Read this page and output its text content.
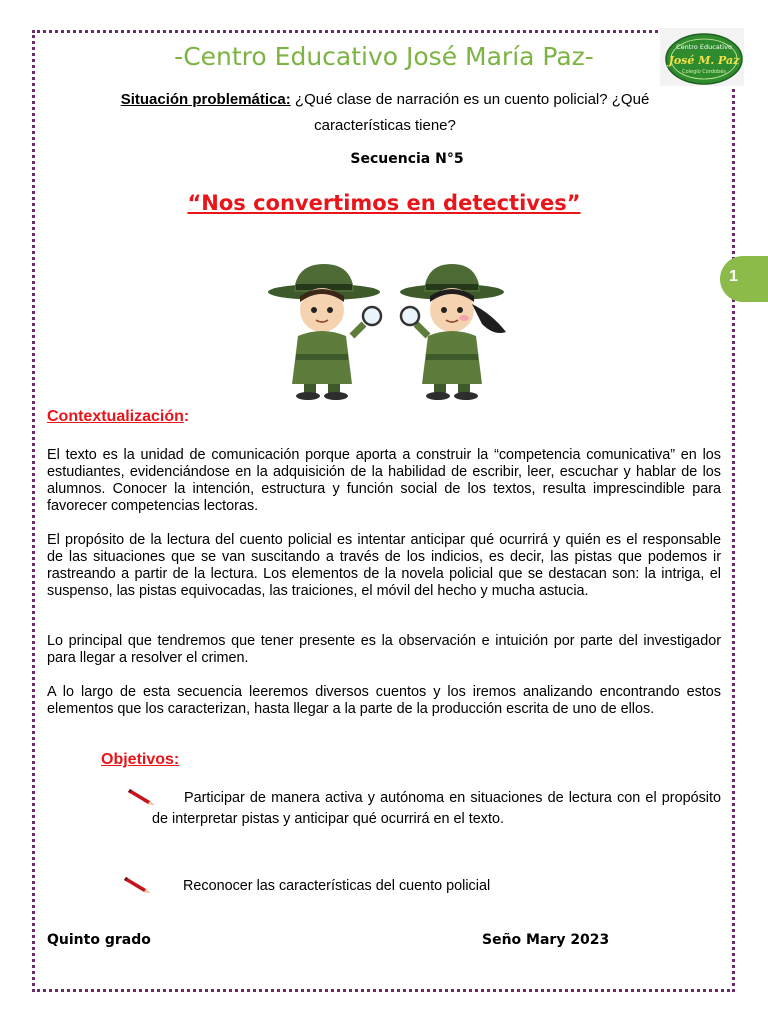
-Centro Educativo José María Paz-	Centro Educativo
José M. Paz
Colegio Cordobés
Situación problemática: ¿Qué clase de narración es un cuento policial? ¿Qué características tiene?
Secuencia N°5
“Nos convertimos en detectives”
1
Contextualización:
El texto es la unidad de comunicación porque aporta a construir la “competencia comunicativa” en los estudiantes, evidenciándose en la adquisición de la habilidad de escribir, leer, escuchar y hablar de los alumnos. Conocer la intención, estructura y función social de los textos, resulta imprescindible para favorecer competencias lectoras.
El propósito de la lectura del cuento policial es intentar anticipar qué ocurrirá y quién es el responsable de las situaciones que se van suscitando a través de los indicios, es decir, las pistas que podemos ir rastreando a partir de la lectura. Los elementos de la novela policial que se destacan son: la intriga, el suspenso, las pistas equivocadas, las traiciones, el móvil del hecho y mucha astucia.
Lo principal que tendremos que tener presente es la observación e intuición por parte del investigador para llegar a resolver el crimen.
A lo largo de esta secuencia leeremos diversos cuentos y los iremos analizando encontrando estos elementos que los caracterizan, hasta llegar a la parte de la producción escrita de uno de ellos.
Objetivos:
Participar de manera activa y autónoma en situaciones de lectura con el propósito de interpretar pistas y anticipar qué ocurrirá en el texto.
Reconocer las características del cuento policial
Quinto grado	Seño Mary 2023
